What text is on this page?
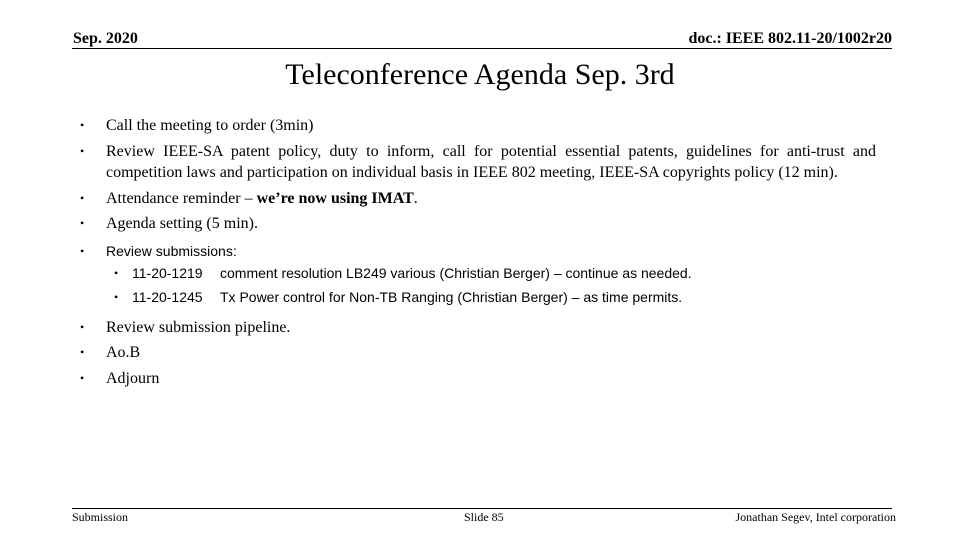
Sep. 2020	doc.: IEEE 802.11-20/1002r20
Teleconference Agenda Sep. 3rd
• Call the meeting to order (3min)
• Review IEEE-SA patent policy, duty to inform, call for potential essential patents, guidelines for anti-trust and competition laws and participation on individual basis in IEEE 802 meeting, IEEE-SA copyrights policy (12 min).
• Attendance reminder – we’re now using IMAT.
• Agenda setting (5 min).
• Review submissions:
• 11-20-1219 comment resolution LB249 various (Christian Berger) – continue as needed.
• 11-20-1245 Tx Power control for Non-TB Ranging (Christian Berger) – as time permits.
• Review submission pipeline.
• Ao.B
• Adjourn
Submission	Slide 85	Jonathan Segev, Intel corporation
